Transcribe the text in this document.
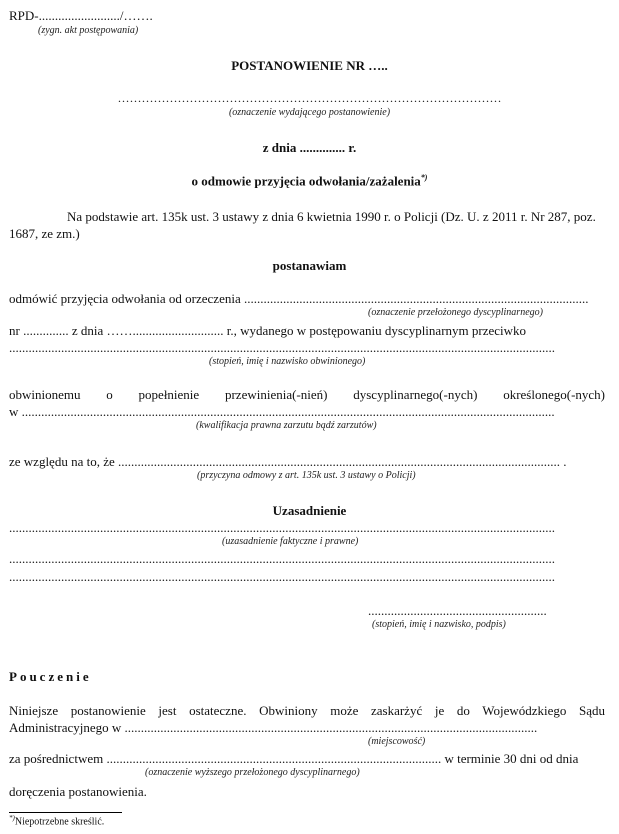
RPD-........................./…….
(zygn. akt postępowania)
POSTANOWIENIE NR …..
……………………………………………………………………………………
(oznaczenie wydającego postanowienie)
z dnia .............. r.
o odmowie przyjęcia odwołania/zażalenia*)
Na podstawie art. 135k ust. 3 ustawy z dnia 6 kwietnia 1990 r. o Policji (Dz. U. z 2011 r. Nr 287, poz. 1687, ze zm.)
postanawiam
odmówić przyjęcia odwołania od orzeczenia ..........................................................................................................
(oznaczenie przełożonego dyscyplinarnego)
nr .............. z dnia ……............................ r., wydanego w postępowaniu dyscyplinarnym przeciwko
........................................................................................................................................................................
(stopień, imię i nazwisko obwinionego)
obwinionemu o popełnienie przewinienia(-nień) dyscyplinarnego(-nych) określonego(-nych)
w ....................................................................................................................................................................
(kwalifikacja prawna zarzutu bądź zarzutów)
ze względu na to, że ........................................................................................................................................ .
(przyczyna odmowy z art. 135k ust. 3 ustawy o Policji)
Uzasadnienie
........................................................................................................................................................................
(uzasadnienie faktyczne i prawne)
........................................................................................................................................................................
........................................................................................................................................................................
.......................................................
(stopień, imię i nazwisko, podpis)
Pouczenie
Niniejsze postanowienie jest ostateczne. Obwiniony może zaskarżyć je do Wojewódzkiego Sądu
Administracyjnego w ...............................................................................................................................
(miejscowość)
za pośrednictwem ....................................................................................................... w terminie 30 dni od dnia
(oznaczenie wyższego przełożonego dyscyplinarnego)
doręczenia postanowienia.
*)Niepotrzebne skreślić.
